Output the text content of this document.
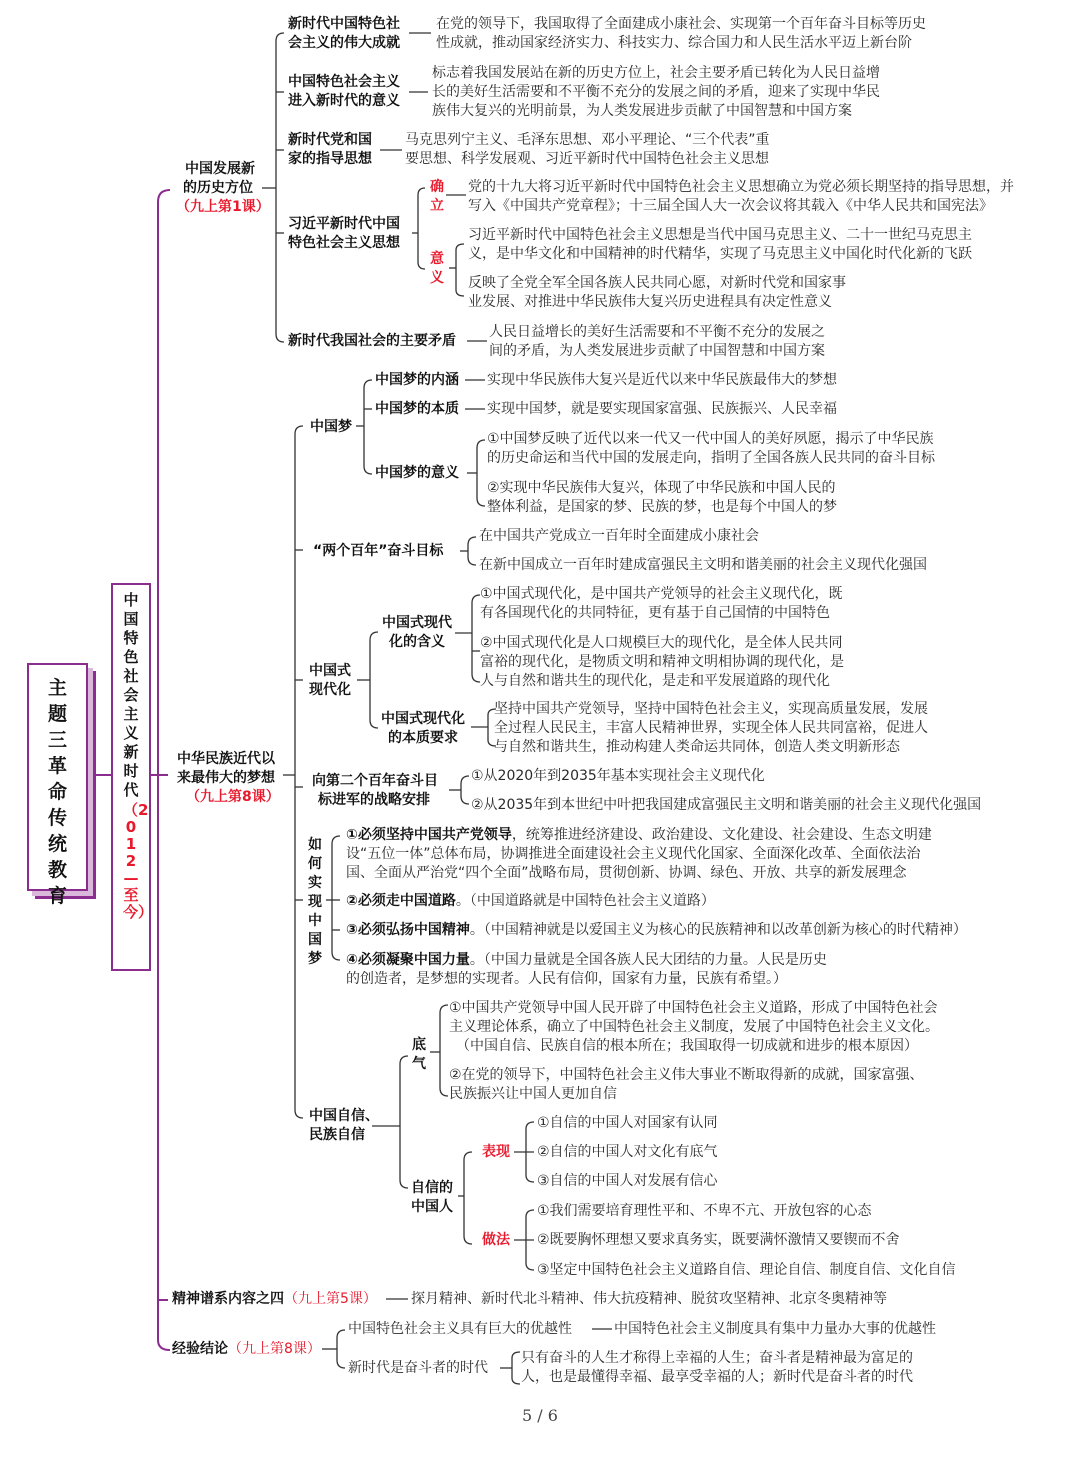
主题三革命传统教育
中国特色社会主义新时代
（2012—至今）
中国发展新
的历史方位
（九上第1课）
新时代中国特色社
会主义的伟大成就
在党的领导下，我国取得了全面建成小康社会、实现第一个百年奋斗目标等历史
性成就，推动国家经济实力、科技实力、综合国力和人民生活水平迈上新台阶
中国特色社会主义
进入新时代的意义
标志着我国发展站在新的历史方位上，社会主要矛盾已转化为人民日益增
长的美好生活需要和不平衡不充分的发展之间的矛盾，迎来了实现中华民
族伟大复兴的光明前景，为人类发展进步贡献了中国智慧和中国方案
新时代党和国
家的指导思想
马克思列宁主义、毛泽东思想、邓小平理论、“三个代表”重
要思想、科学发展观、习近平新时代中国特色社会主义思想
习近平新时代中国
特色社会主义思想
确立
意义
党的十九大将习近平新时代中国特色社会主义思想确立为党必须长期坚持的指导思想，并
写入《中国共产党章程》；十三届全国人大一次会议将其载入《中华人民共和国宪法》
习近平新时代中国特色社会主义思想是当代中国马克思主义、二十一世纪马克思主
义，是中华文化和中国精神的时代精华，实现了马克思主义中国化时代化新的飞跃
反映了全党全军全国各族人民共同心愿，对新时代党和国家事
业发展、对推进中华民族伟大复兴历史进程具有决定性意义
新时代我国社会的主要矛盾
人民日益增长的美好生活需要和不平衡不充分的发展之
间的矛盾，为人类发展进步贡献了中国智慧和中国方案
中华民族近代以
来最伟大的梦想
（九上第8课）
中国梦
中国梦的内涵 实现中华民族伟大复兴是近代以来中华民族最伟大的梦想
中国梦的本质 实现中国梦，就是要实现国家富强、民族振兴、人民幸福
中国梦的意义
①中国梦反映了近代以来一代又一代中国人的美好夙愿，揭示了中华民族
的历史命运和当代中国的发展走向，指明了全国各族人民共同的奋斗目标
②实现中华民族伟大复兴，体现了中华民族和中国人民的
整体利益，是国家的梦、民族的梦，也是每个中国人的梦
“两个百年”奋斗目标
在中国共产党成立一百年时全面建成小康社会
在新中国成立一百年时建成富强民主文明和谐美丽的社会主义现代化强国
中国式
现代化
中国式现代
化的含义
①中国式现代化，是中国共产党领导的社会主义现代化，既
有各国现代化的共同特征，更有基于自己国情的中国特色
②中国式现代化是人口规模巨大的现代化，是全体人民共同
富裕的现代化，是物质文明和精神文明相协调的现代化，是
人与自然和谐共生的现代化，是走和平发展道路的现代化
中国式现代化
的本质要求
坚持中国共产党领导，坚持中国特色社会主义，实现高质量发展，发展
全过程人民民主，丰富人民精神世界，实现全体人民共同富裕，促进人
与自然和谐共生，推动构建人类命运共同体，创造人类文明新形态
向第二个百年奋斗目
标进军的战略安排
①从2020年到2035年基本实现社会主义现代化
②从2035年到本世纪中叶把我国建成富强民主文明和谐美丽的社会主义现代化强国
如何实现中国梦
①必须坚持中国共产党领导，统筹推进经济建设、政治建设、文化建设、社会建设、生态文明建
设“五位一体”总体布局，协调推进全面建设社会主义现代化国家、全面深化改革、全面依法治
国、全面从严治党“四个全面”战略布局，贯彻创新、协调、绿色、开放、共享的新发展理念
②必须走中国道路。（中国道路就是中国特色社会主义道路）
③必须弘扬中国精神。（中国精神就是以爱国主义为核心的民族精神和以改革创新为核心的时代精神）
④必须凝聚中国力量。（中国力量就是全国各族人民大团结的力量。人民是历史
的创造者，是梦想的实现者。人民有信仰，国家有力量，民族有希望。）
中国自信、
民族自信
底气
①中国共产党领导中国人民开辟了中国特色社会主义道路，形成了中国特色社会
主义理论体系，确立了中国特色社会主义制度，发展了中国特色社会主义文化。
（中国自信、民族自信的根本所在；我国取得一切成就和进步的根本原因）
②在党的领导下，中国特色社会主义伟大事业不断取得新的成就，国家富强、
民族振兴让中国人更加自信
自信的
中国人
表现
①自信的中国人对国家有认同
②自信的中国人对文化有底气
③自信的中国人对发展有信心
做法
①我们需要培育理性平和、不卑不亢、开放包容的心态
②既要胸怀理想又要求真务实，既要满怀激情又要锲而不舍
③坚定中国特色社会主义道路自信、理论自信、制度自信、文化自信
精神谱系内容之四（九上第5课） 探月精神、新时代北斗精神、伟大抗疫精神、脱贫攻坚精神、北京冬奥精神等
经验结论（九上第8课）
中国特色社会主义具有巨大的优越性	中国特色社会主义制度具有集中力量办大事的优越性
新时代是奋斗者的时代
只有奋斗的人生才称得上幸福的人生；奋斗者是精神最为富足的
人，也是最懂得幸福、最享受幸福的人；新时代是奋斗者的时代
5 / 6
